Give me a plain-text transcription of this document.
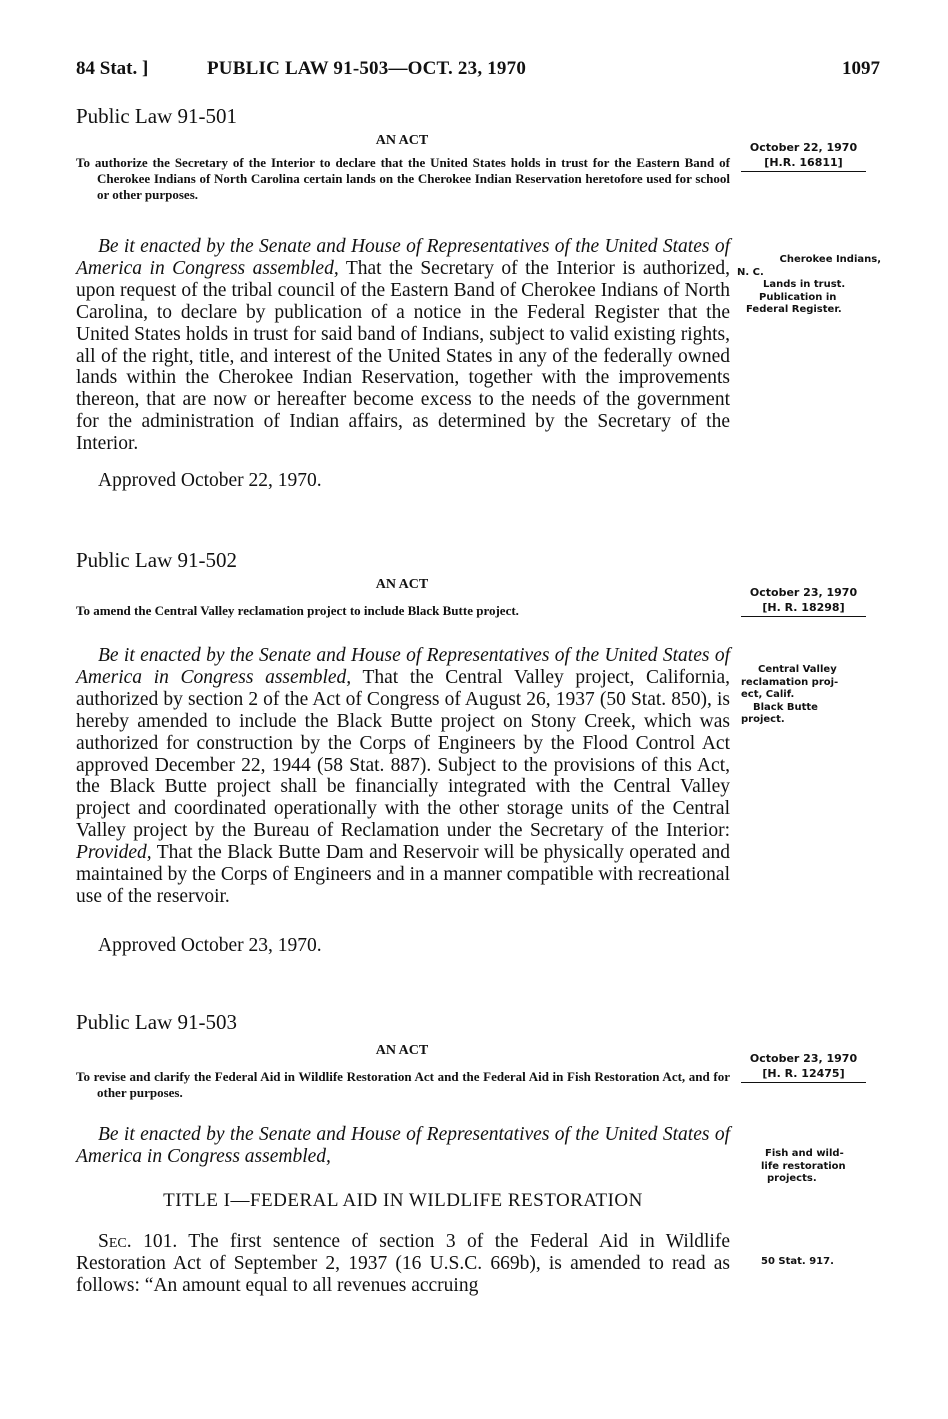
84 Stat. ]	PUBLIC LAW 91-503—OCT. 23, 1970	1097
Public Law 91-501
AN ACT
To authorize the Secretary of the Interior to declare that the United States holds in trust for the Eastern Band of Cherokee Indians of North Carolina certain lands on the Cherokee Indian Reservation heretofore used for school or other purposes.

Be it enacted by the Senate and House of Representatives of the United States of America in Congress assembled, That the Secretary of the Interior is authorized, upon request of the tribal council of the Eastern Band of Cherokee Indians of North Carolina, to declare by publication of a notice in the Federal Register that the United States holds in trust for said band of Indians, subject to valid existing rights, all of the right, title, and interest of the United States in any of the federally owned lands within the Cherokee Indian Reservation, together with the improvements thereon, that are now or hereafter become excess to the needs of the government for the administration of Indian affairs, as determined by the Secretary of the Interior.

Approved October 22, 1970.
October 22, 1970
[H.R. 16811]
Cherokee Indians,
N. C.
Lands in trust.
Publication in
Federal Register.
Public Law 91-502
AN ACT
To amend the Central Valley reclamation project to include Black Butte project.

Be it enacted by the Senate and House of Representatives of the United States of America in Congress assembled, That the Central Valley project, California, authorized by section 2 of the Act of Congress of August 26, 1937 (50 Stat. 850), is hereby amended to include the Black Butte project on Stony Creek, which was authorized for construction by the Corps of Engineers by the Flood Control Act approved December 22, 1944 (58 Stat. 887). Subject to the provisions of this Act, the Black Butte project shall be financially integrated with the Central Valley project and coordinated operationally with the other storage units of the Central Valley project by the Bureau of Reclamation under the Secretary of the Interior: Provided, That the Black Butte Dam and Reservoir will be physically operated and maintained by the Corps of Engineers and in a manner compatible with recreational use of the reservoir.

Approved October 23, 1970.
October 23, 1970
[H. R. 18298]
Central Valley
reclamation proj-
ect, Calif.
Black Butte
project.
Public Law 91-503
AN ACT
To revise and clarify the Federal Aid in Wildlife Restoration Act and the Federal Aid in Fish Restoration Act, and for other purposes.

Be it enacted by the Senate and House of Representatives of the United States of America in Congress assembled,

TITLE I—FEDERAL AID IN WILDLIFE RESTORATION

Sec. 101. The first sentence of section 3 of the Federal Aid in Wildlife Restoration Act of September 2, 1937 (16 U.S.C. 669b), is amended to read as follows: “An amount equal to all revenues accruing

October 23, 1970
[H. R. 12475]
Fish and wild-
life restoration
projects.
50 Stat. 917.
